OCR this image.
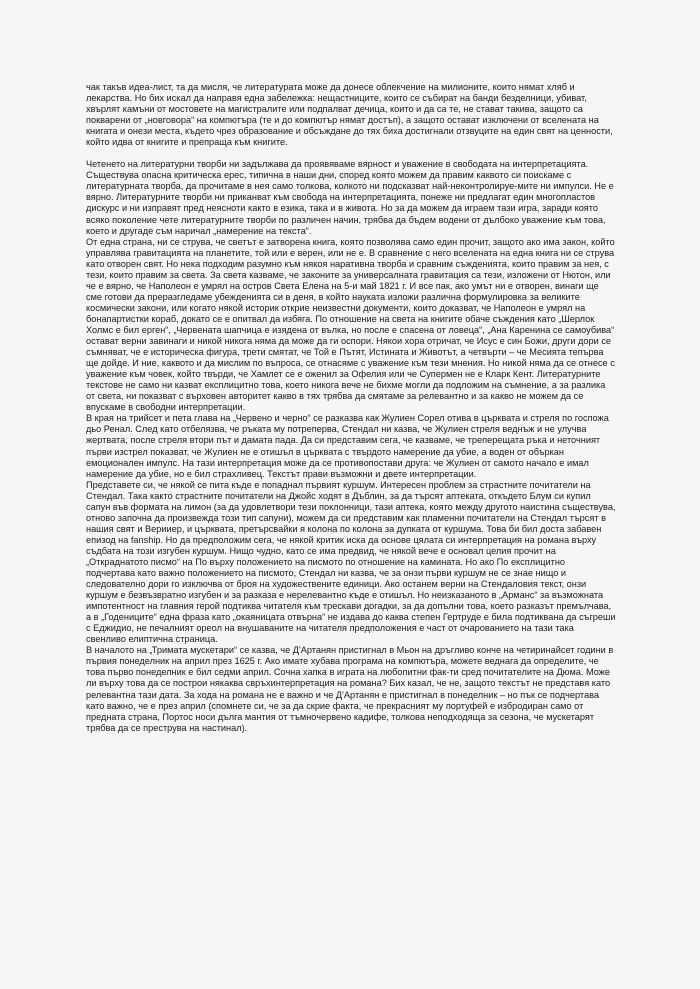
чак такъв идеа-лист, та да мисля, че литературата може да донесе облекчение на милионите, които нямат хляб и лекарства. Но бих искал да направя една забележка: нещастниците, които се събират на банди безделници, убиват, хвърлят камъни от мостовете на магистралите или подпалват дечица, които и да са те, не стават такива, защото са покварени от „новговора“ на компютъра (те и до компютър нямат достъп), а защото остават изключени от вселената на книгата и онези места, където чрез образование и обсъждане до тях биха достигнали отзвуците на един свят на ценности, който идва от книгите и препраща към книгите.

Четенето на литературни творби ни задължава да проявяваме вярност и уважение в свободата на интерпретацията. Съществува опасна критическа ерес, типична в наши дни, според която можем да правим каквото си поискаме с литературната творба, да прочитаме в нея само толкова, колкото ни подсказват най-неконтролируе-мите ни импулси. Не е вярно. Литературните творби ни приканват към свобода на интерпретацията, понеже ни предлагат един многопластов дискурс и ни изправят пред неясноти както в езика, така и в живота. Но за да можем да играем тази игра, заради която всяко поколение чете литературните творби по различен начин, трябва да бъдем водени от дълбоко уважение към това, което и другаде съм наричал „намерение на текста“.

От една страна, ни се струва, че светът е затворена книга, която позволява само един прочит, защото ако има закон, който управлява гравитацията на планетите, той или е верен, или не е. В сравнение с него вселената на една книга ни се струва като отворен свят. Но нека подходим разумно към някоя наративна творба и сравним съжденията, които правим за нея, с тези, които правим за света. За света казваме, че законите за универсалната гравитация са тези, изложени от Нютон, или че е вярно, че Наполеон е умрял на остров Света Елена на 5-и май 1821 г. И все пак, ако умът ни е отворен, винаги ще сме готови да преразгледаме убежденията си в деня, в който науката изложи различна формулировка за великите космически закони, или когато някой историк открие неизвестни документи, които доказват, че Наполеон е умрял на бонапартистки кораб, докато се е опитвал да избяга. По отношение на света на книгите обаче съждения като „Шерлок Холмс е бил ерген“, „Червената шапчица е изядена от вълка, но после е спасена от ловеца“, „Ана Каренина се самоубива“ остават верни завинаги и никой никога няма да може да ги оспори. Някои хора отричат, че Исус е син Божи, други дори се съмняват, че е историческа фигура, трети смятат, че Той е Пътят, Истината и Животът, а четвърти – че Месията тепърва ще дойде. И ние, каквото и да мислим по въпроса, се отнасяме с уважение към тези мнения. Но никой няма да се отнесе с уважение към човек, който твърди, че Хамлет се е оженил за Офелия или че Супермен не е Кларк Кент. Литературните текстове не само ни казват експлицитно това, което никога вече не бихме могли да подложим на съмнение, а за разлика от света, ни показват с върховен авторитет какво в тях трябва да смятаме за релевантно и за какво не можем да се впускаме в свободни интерпретации.

В края на трийсет и пета глава на „Червено и черно“ се разказва как Жулиен Сорел отива в църквата и стреля по госпожа дьо Ренал. След като отбелязва, че ръката му потреперва, Стендал ни казва, че Жулиен стреля веднъж и не улучва жертвата, после стреля втори път и дамата пада. Да си представим сега, че казваме, че треперещата ръка и неточният първи изстрел показват, че Жулиен не е отишъл в църквата с твърдото намерение да убие, а воден от объркан емоционален импулс. На тази интерпретация може да се противопостави друга: че Жулиен от самото начало е имал намерение да убие, но е бил страхливец. Текстът прави възможни и двете интерпретации.

Представете си, че някой се пита къде е попаднал първият куршум. Интересен проблем за страстните почитатели на Стендал. Така както страстните почитатели на Джойс ходят в Дъблин, за да търсят аптеката, откъдето Блум си купил сапун във формата на лимон (за да удовлетвори тези поклонници, тази аптека, която между другото наистина съществува, отново започна да произвежда този тип сапуни), можем да си представим как пламенни почитатели на Стендал търсят в нашия свят и Верииер, и църквата, претърсвайки я колона по колона за дупката от куршума. Това би бил доста забавен епизод на fanship. Но да предположим сега, че някой критик иска да основе цялата си интерпретация на романа върху съдбата на този изгубен куршум. Нищо чудно, като се има предвид, че някой вече е основал целия прочит на „Откраднатото писмо“ на По върху положението на писмото по отношение на камината. Но ако По експлицитно подчертава като важно положението на писмото, Стендал ни казва, че за онзи първи куршум не се знае нищо и следователно дори го изключва от броя на художествените единици. Ако останем верни на Стендаловия текст, онзи куршум е безвъзвратно изгубен и за разказа е нерелевантно къде е отишъл. Но неизказаното в „Арманс“ за възможната импотентност на главния герой подтиква читателя към трескави догадки, за да допълни това, което разказът премълчава, а в „Годениците“ една фраза като „окаяницата отвърна“ не издава до каква степен Гертруде е била подтиквана да съгреши с Еджидио, не печалният ореол на внушаваните на читателя предположения е част от очарованието на тази така свенливо елиптична страница.

В началото на „Тримата мускетари“ се казва, че Д'Артанян пристигнал в Мьон на дръгливо конче на четиринайсет години в първия понеделник на април през 1625 г. Ако имате хубава програма на компютъра, можете веднага да определите, че това първо понеделник е бил седми април. Сочна хапка в играта на любопитни фак-ти сред почитателите на Дюма. Може ли върху това да се построи някаква свръхинтерпретация на романа? Бих казал, че не, защото текстът не представя като релевантна тази дата. За хода на романа не е важно и че Д'Артанян е пристигнал в понеделник – но пък се подчертава като важно, че е през април (спомнете си, че за да скрие факта, че прекрасният му портуфей е избродиран само от предната страна, Портос носи дълга мантия от тъмночервено кадифе, толкова неподходяща за сезона, че мускетарят трябва да се преструва на настинал).
